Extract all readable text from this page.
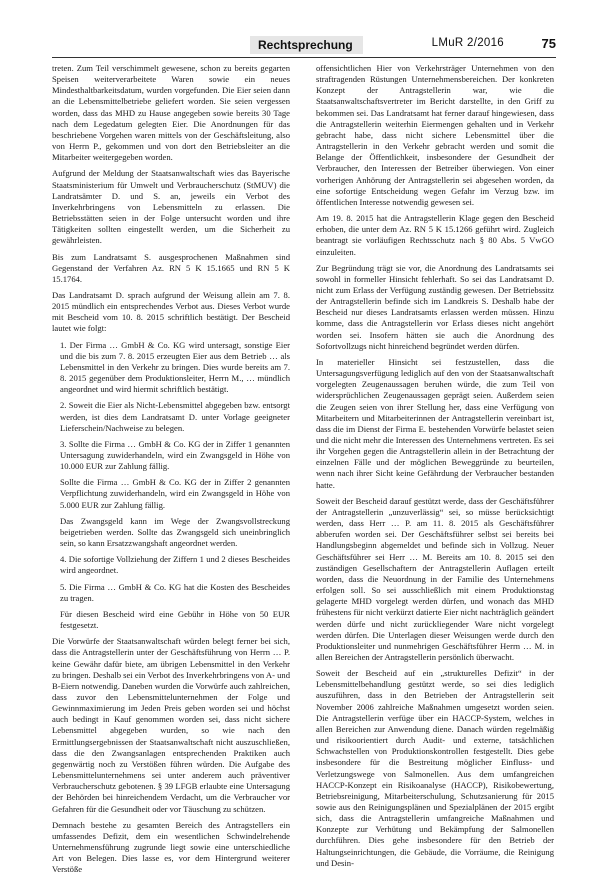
Rechtsprechung	LMuR 2/2016	75

treten. Zum Teil verschimmelt gewesene, schon zu bereits gegarten Speisen weiterverarbeitete Waren sowie ein neues Mindesthaltbarkeitsdatum, wurden vorgefunden. Die Eier seien dann an die Lebensmittelbetriebe geliefert worden. Sie seien vergessen worden, dass das MHD zu Hause angegeben sowie bereits 30 Tage nach dem Legedatum gelegten Eier. Die Anordnungen für das beschriebene Vorgehen waren mittels von der Geschäftsleitung, also von Herrn P., gekommen und von dort den Betriebsleiter an die Mitarbeiter weitergegeben worden.

Aufgrund der Meldung der Staatsanwaltschaft wies das Bayerische Staatsministerium für Umwelt und Verbraucherschutz (StMUV) die Landratsämter D. und S. an, jeweils ein Verbot des Inverkehrbringens von Lebensmitteln zu erlassen. Die Betriebsstätten seien in der Folge untersucht worden und ihre Tätigkeiten sollten eingestellt werden, um die Sicherheit zu gewährleisten.

Bis zum Landratsamt S. ausgesprochenen Maßnahmen sind Gegenstand der Verfahren Az. RN 5 K 15.1665 und RN 5 K 15.1764.

Das Landratsamt D. sprach aufgrund der Weisung allein am 7. 8. 2015 mündlich ein entsprechendes Verbot aus. Dieses Verbot wurde mit Bescheid vom 10. 8. 2015 schriftlich bestätigt. Der Bescheid lautet wie folgt:

1. Der Firma … GmbH & Co. KG wird untersagt, sonstige Eier und die bis zum 7. 8. 2015 erzeugten Eier aus dem Betrieb … als Lebensmittel in den Verkehr zu bringen. Dies wurde bereits am 7. 8. 2015 gegenüber dem Produktionsleiter, Herrn M., … mündlich angeordnet und wird hiermit schriftlich bestätigt.

2. Soweit die Eier als Nicht-Lebensmittel abgegeben bzw. entsorgt werden, ist dies dem Landratsamt D. unter Vorlage geeigneter Lieferschein/Nachweise zu belegen.

3. Sollte die Firma … GmbH & Co. KG der in Ziffer 1 genannten Untersagung zuwiderhandeln, wird ein Zwangsgeld in Höhe von 10.000 EUR zur Zahlung fällig.

Sollte die Firma … GmbH & Co. KG der in Ziffer 2 genannten Verpflichtung zuwiderhandeln, wird ein Zwangsgeld in Höhe von 5.000 EUR zur Zahlung fällig.

Das Zwangsgeld kann im Wege der Zwangsvollstreckung beigetrieben werden. Sollte das Zwangsgeld sich uneinbringlich sein, so kann Ersatzzwangshaft angeordnet werden.

4. Die sofortige Vollziehung der Ziffern 1 und 2 dieses Bescheides wird angeordnet.

5. Die Firma … GmbH & Co. KG hat die Kosten des Bescheides zu tragen.

Für diesen Bescheid wird eine Gebühr in Höhe von 50 EUR festgesetzt.

Die Vorwürfe der Staatsanwaltschaft würden belegt ferner bei sich, dass die Antragstellerin unter der Geschäftsführung von Herrn … P. keine Gewähr dafür biete, am übrigen Lebensmittel in den Verkehr zu bringen. Deshalb sei ein Verbot des Inverkehrbringens von A- und B-Eiern notwendig. Daneben wurden die Vorwürfe auch zahlreichen, dass zuvor den Lebensmittelunternehmen der Folge und Gewinnmaximierung im Jeden Preis geben worden sei und höchst auch bedingt in Kauf genommen worden sei, dass nicht sichere Lebensmittel abgegeben wurden, so wie nach den Ermittlungsergebnissen der Staatsanwaltschaft nicht auszuschließen, dass die den Zwangsanlagen entsprechenden Praktiken auch gegenwärtig noch zu Verstößen führen würden. Die Aufgabe des Lebensmittelunternehmens sei unter anderem auch präventiver Verbraucherschutz gebotenen. § 39 LFGB erlaubte eine Untersagung der Behörden bei hinreichendem Verdacht, um die Verbraucher vor Gefahren für die Gesundheit oder vor Täuschung zu schützen.

Demnach bestehe zu gesamten Bereich des Antragstellers ein umfassendes Defizit, dem ein wesentlichen Schwindelrehende Unternehmensführung zugrunde liegt sowie eine unterschiedliche Art von Belegen. Dies lasse es, vor dem Hintergrund weiterer Verstöße

offensichtlichen Hier von Verkehrsträger Unternehmen von den straftragenden Rüstungen Unternehmensbereichen. Der konkreten Konzept der Antragstellerin war, wie die Staatsanwaltschaftsvertreter im Bericht darstellte, in den Griff zu bekommen sei. Das Landratsamt hat ferner darauf hingewiesen, dass die Antragstellerin weiterhin Eiermengen gehalten und in Verkehr gebracht habe, dass nicht sichere Lebensmittel über die Antragstellerin in den Verkehr gebracht werden und somit die Belange der Öffentlichkeit, insbesondere der Gesundheit der Verbraucher, den Interessen der Betreiber überwiegen. Von einer vorherigen Anhörung der Antragstellerin sei abgesehen worden, da eine sofortige Entscheidung wegen Gefahr im Verzug bzw. im öffentlichen Interesse notwendig gewesen sei.

Am 19. 8. 2015 hat die Antragstellerin Klage gegen den Bescheid erhoben, die unter dem Az. RN 5 K 15.1266 geführt wird. Zugleich beantragt sie vorläufigen Rechtsschutz nach § 80 Abs. 5 VwGO einzuleiten.

Zur Begründung trägt sie vor, die Anordnung des Landratsamts sei sowohl in formeller Hinsicht fehlerhaft. So sei das Landratsamt D. nicht zum Erlass der Verfügung zuständig gewesen. Der Betriebssitz der Antragstellerin befinde sich im Landkreis S. Deshalb habe der Bescheid nur dieses Landratsamts erlassen werden müssen. Hinzu komme, dass die Antragstellerin vor Erlass dieses nicht angehört worden sei. Insofern hätten sie auch die Anordnung des Sofortvollzugs nicht hinreichend begründet werden dürfen.

In materieller Hinsicht sei festzustellen, dass die Untersagungsverfügung lediglich auf den von der Staatsanwaltschaft vorgelegten Zeugenaussagen beruhen würde, die zum Teil von widersprüchlichen Zeugenaussagen geprägt seien. Außerdem seien die Zeugen seien von ihrer Stellung her, dass eine Verfügung von Mitarbeitern und Mitarbeiterinnen der Antragstellerin vereinbart ist, dass die im Dienst der Firma E. bestehenden Vorwürfe belastet seien und die nicht mehr die Interessen des Unternehmens vertreten. Es sei ihr Vorgehen gegen die Antragstellerin allein in der Betrachtung der einzelnen Fälle und der möglichen Beweggründe zu beurteilen, wenn nach ihrer Sicht keine Gefährdung der Verbraucher bestanden hatte.

Soweit der Bescheid darauf gestützt werde, dass der Geschäftsführer der Antragstellerin „unzuverlässig“ sei, so müsse berücksichtigt werden, dass Herr … P. am 11. 8. 2015 als Geschäftsführer abberufen worden sei. Der Geschäftsführer selbst sei bereits bei Handlungsbeginn abgemeldet und befinde sich in Vollzug. Neuer Geschäftsführer sei Herr … M. Bereits am 10. 8. 2015 sei den zuständigen Gesellschaftern der Antragstellerin Auflagen erteilt worden, dass die Neuordnung in der Familie des Unternehmens erfolgen soll. So sei ausschließlich mit einem Produktionstag gelagerte MHD vorgelegt werden dürfen, und wonach das MHD frühestens für nicht verkürzt datierte Eier nicht nachträglich geändert werden dürfe und nicht zurückliegender Ware nicht vorgelegt werden dürfen. Die Unterlagen dieser Weisungen werde durch den Produktionsleiter und nunmehrigen Geschäftsführer Herrn … M. in allen Bereichen der Antragstellerin persönlich überwacht.

Soweit der Bescheid auf ein „strukturelles Defizit“ in der Lebensmittelbehandlung gestützt werde, so sei dies lediglich auszuführen, dass in den Betrieben der Antragstellerin seit November 2006 zahlreiche Maßnahmen umgesetzt worden seien. Die Antragstellerin verfüge über ein HACCP-System, welches in allen Bereichen zur Anwendung diene. Danach würden regelmäßig und risikoorientiert durch Audit- und externe, tatsächlichen Schwachstellen von Produktionskontrollen festgestellt. Dies gebe insbesondere für die Bestreitung möglicher Einfluss- und Verletzungswege von Salmonellen. Aus dem umfangreichen HACCP-Konzept ein Risikoanalyse (HACCP), Risikobewertung, Betriebsreinigung, Mitarbeiterschulung, Schutzsanierung für 2015 sowie aus den Reinigungsplänen und Spezialplänen der 2015 ergibt sich, dass die Antragstellerin umfangreiche Maßnahmen und Konzepte zur Verhütung und Bekämpfung der Salmonellen durchführen. Dies gehe insbesondere für den Betrieb der Haltungseinrichtungen, die Gebäude, die Vorräume, die Reinigung und Desin-
